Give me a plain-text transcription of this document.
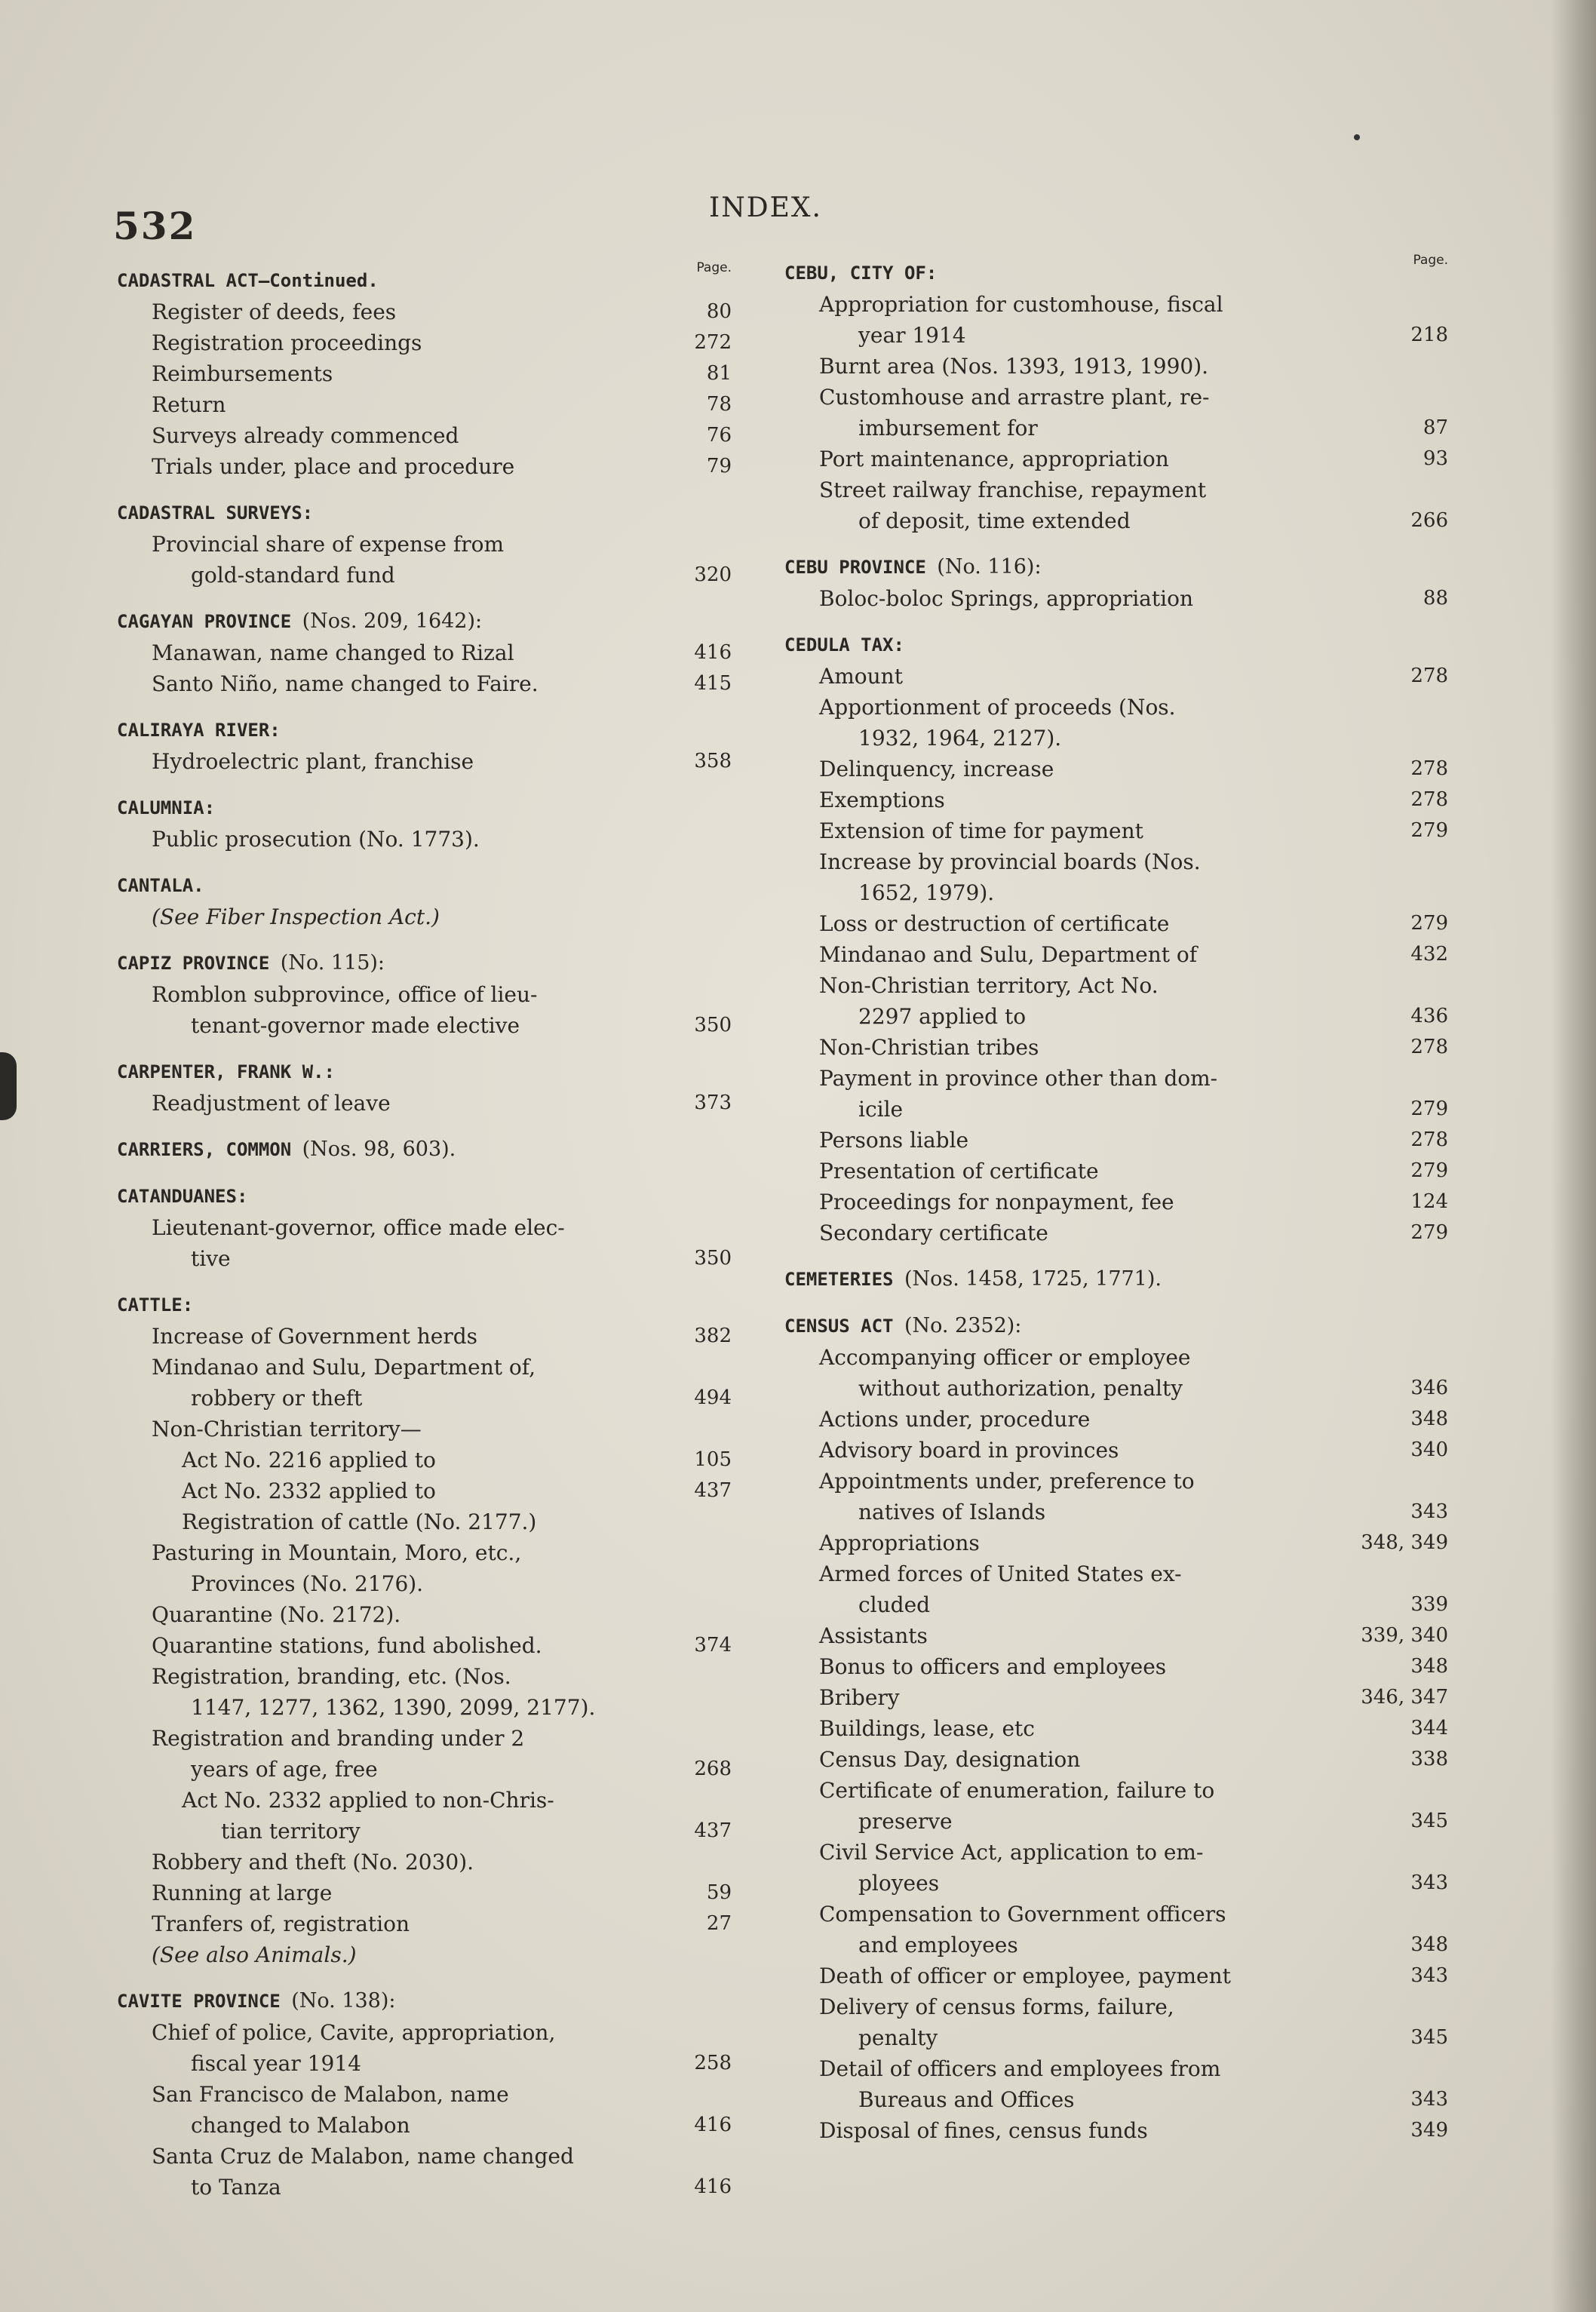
532	INDEX.
Page.
CADASTRAL ACT—Continued.
Register of deeds, fees	80
Registration proceedings	272
Reimbursements	81
Return	78
Surveys already commenced	76
Trials under, place and procedure	79
CADASTRAL SURVEYS:
Provincial share of expense from
gold-standard fund	320
CAGAYAN PROVINCE (Nos. 209, 1642):
Manawan, name changed to Rizal	416
Santo Niño, name changed to Faire.	415
CALIRAYA RIVER:
Hydroelectric plant, franchise	358
CALUMNIA:
Public prosecution (No. 1773).
CANTALA.
(See Fiber Inspection Act.)
CAPIZ PROVINCE (No. 115):
Romblon subprovince, office of lieu-
tenant-governor made elective	350
CARPENTER, FRANK W.:
Readjustment of leave	373
CARRIERS, COMMON (Nos. 98, 603).
CATANDUANES:
Lieutenant-governor, office made elec-
tive	350
CATTLE:
Increase of Government herds	382
Mindanao and Sulu, Department of,
robbery or theft	494
Non-Christian territory—
Act No. 2216 applied to	105
Act No. 2332 applied to	437
Registration of cattle (No. 2177.)
Pasturing in Mountain, Moro, etc.,
Provinces (No. 2176).
Quarantine (No. 2172).
Quarantine stations, fund abolished.	374
Registration, branding, etc. (Nos.
1147, 1277, 1362, 1390, 2099, 2177).
Registration and branding under 2
years of age, free	268
Act No. 2332 applied to non-Chris-
tian territory	437
Robbery and theft (No. 2030).
Running at large	59
Tranfers of, registration	27
(See also Animals.)
CAVITE PROVINCE (No. 138):
Chief of police, Cavite, appropriation,
fiscal year 1914	258
San Francisco de Malabon, name
changed to Malabon	416
Santa Cruz de Malabon, name changed
to Tanza	416
Page.
CEBU, CITY OF:
Appropriation for customhouse, fiscal
year 1914	218
Burnt area (Nos. 1393, 1913, 1990).
Customhouse and arrastre plant, re-
imbursement for	87
Port maintenance, appropriation	93
Street railway franchise, repayment
of deposit, time extended	266
CEBU PROVINCE (No. 116):
Boloc-boloc Springs, appropriation	88
CEDULA TAX:
Amount	278
Apportionment of proceeds (Nos.
1932, 1964, 2127).
Delinquency, increase	278
Exemptions	278
Extension of time for payment	279
Increase by provincial boards (Nos.
1652, 1979).
Loss or destruction of certificate	279
Mindanao and Sulu, Department of	432
Non-Christian territory, Act No.
2297 applied to	436
Non-Christian tribes	278
Payment in province other than dom-
icile	279
Persons liable	278
Presentation of certificate	279
Proceedings for nonpayment, fee	124
Secondary certificate	279
CEMETERIES (Nos. 1458, 1725, 1771).
CENSUS ACT (No. 2352):
Accompanying officer or employee
without authorization, penalty	346
Actions under, procedure	348
Advisory board in provinces	340
Appointments under, preference to
natives of Islands	343
Appropriations	348, 349
Armed forces of United States ex-
cluded	339
Assistants	339, 340
Bonus to officers and employees	348
Bribery	346, 347
Buildings, lease, etc	344
Census Day, designation	338
Certificate of enumeration, failure to
preserve	345
Civil Service Act, application to em-
ployees	343
Compensation to Government officers
and employees	348
Death of officer or employee, payment	343
Delivery of census forms, failure,
penalty	345
Detail of officers and employees from
Bureaus and Offices	343
Disposal of fines, census funds	349
